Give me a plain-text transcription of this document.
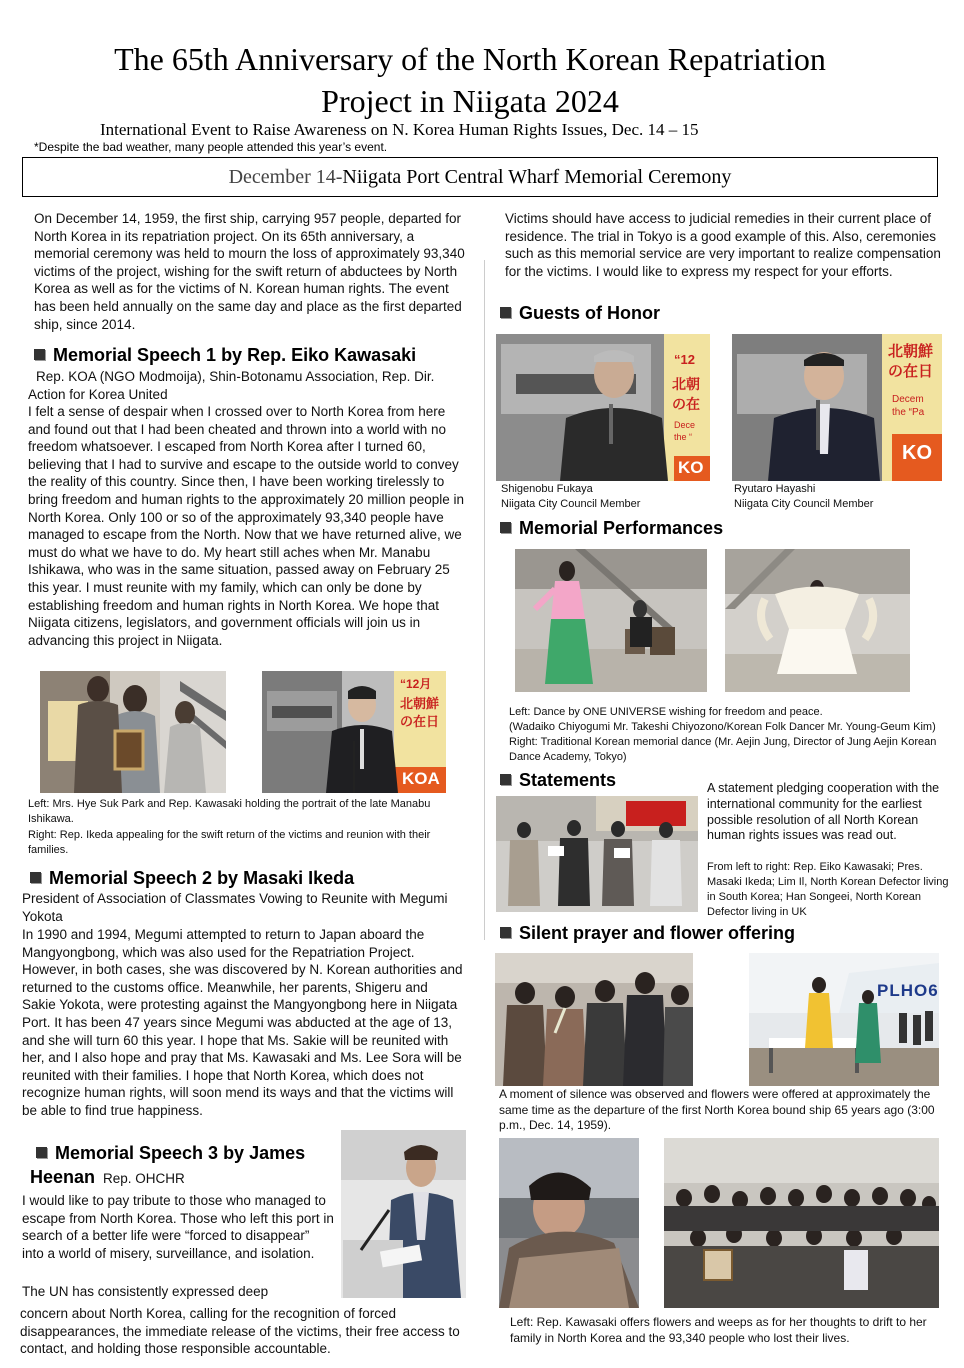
The 65th Anniversary of the North Korean Repatriation
Project in Niigata 2024
International Event to Raise Awareness on N. Korea Human Rights Issues, Dec. 14 – 15
*Despite the bad weather, many people attended this year’s event.
December 14-Niigata Port Central Wharf Memorial Ceremony
On December 14, 1959, the first ship, carrying 957 people, departed for North Korea in its repatriation project. On its 65th anniversary, a memorial ceremony was held to mourn the loss of approximately 93,340 victims of the project, wishing for the swift return of abductees by North Korea as well as for the victims of N. Korean human rights. The event has been held annually on the same day and place as the first departed ship, since 2014.
Memorial Speech 1 by Rep. Eiko Kawasaki
Rep. KOA (NGO Modmoija), Shin-Botonamu Association, Rep. Dir. Action for Korea United
I felt a sense of despair when I crossed over to North Korea from here and found out that I had been cheated and thrown into a world with no freedom whatsoever. I escaped from North Korea after I turned 60, believing that I had to survive and escape to the outside world to convey the reality of this country. Since then, I have been working tirelessly to bring freedom and human rights to the approximately 20 million people in North Korea. Only 100 or so of the approximately 93,340 people have managed to escape from the North. Now that we have returned alive, we must do what we have to do. My heart still aches when Mr. Manabu Ishikawa, who was in the same situation, passed away on February 25 this year. I must reunite with my family, which can only be done by establishing freedom and human rights in North Korea. We hope that Niigata citizens, legislators, and government officials will join us in advancing this project in Niigata.
“12月
北朝鮮
の在日
KOA
Left: Mrs. Hye Suk Park and Rep. Kawasaki holding the portrait of the late Manabu Ishikawa.
Right: Rep. Ikeda appealing for the swift return of the victims and reunion with their families.
Memorial Speech 2 by Masaki Ikeda
President of Association of Classmates Vowing to Reunite with Megumi Yokota
In 1990 and 1994, Megumi attempted to return to Japan aboard the Mangyongbong, which was also used for the Repatriation Project. However, in both cases, she was discovered by N. Korean authorities and returned to the customs office. Meanwhile, her parents, Shigeru and Sakie Yokota, were protesting against the Mangyongbong here in Niigata Port. It has been 47 years since Megumi was abducted at the age of 13, and she will turn 60 this year. I hope that Ms. Sakie will be reunited with her, and I also hope and pray that Ms. Kawasaki and Ms. Lee Sora will be reunited with their families. I hope that North Korea, which does not recognize human rights, will soon mend its ways and that the victims will be able to find true happiness.
Memorial Speech 3 by James
Heenan Rep. OHCHR
I would like to pay tribute to those who managed to escape from North Korea. Those who left this port in search of a better life were “forced to disappear” into a world of misery, surveillance, and isolation.
The UN has consistently expressed deep
concern about North Korea, calling for the recognition of forced disappearances, the immediate release of the victims, their free access to contact, and holding those responsible accountable.
Victims should have access to judicial remedies in their current place of residence. The trial in Tokyo is a good example of this. Also, ceremonies such as this memorial service are very important to realize compensation for the victims. I would like to express my respect for your efforts.
Guests of Honor
“12
北朝
の在
Dece
the “
KO
北朝鮮
の在日
Decem
the “Pa
KO
Shigenobu Fukaya
Niigata City Council Member
Ryutaro Hayashi
Niigata City Council Member
Memorial Performances
Left: Dance by ONE UNIVERSE wishing for freedom and peace.
(Wadaiko Chiyogumi Mr. Takeshi Chiyozono/Korean Folk Dancer Mr. Young-Geum Kim)
Right: Traditional Korean memorial dance (Mr. Aejin Jung, Director of Jung Aejin Korean Dance Academy, Tokyo)
Statements	A statement pledging cooperation with the international community for the earliest possible resolution of all North Korean human rights issues was read out.
From left to right: Rep. Eiko Kawasaki; Pres. Masaki Ikeda; Lim Il, North Korean Defector living in South Korea; Han Songeei, North Korean Defector living in UK
Silent prayer and flower offering
PLHO6
A moment of silence was observed and flowers were offered at approximately the same time as the departure of the first North Korea bound ship 65 years ago (3:00 p.m., Dec. 14, 1959).
Left: Rep. Kawasaki offers flowers and weeps as for her thoughts to drift to her family in North Korea and the 93,340 people who lost their lives.
